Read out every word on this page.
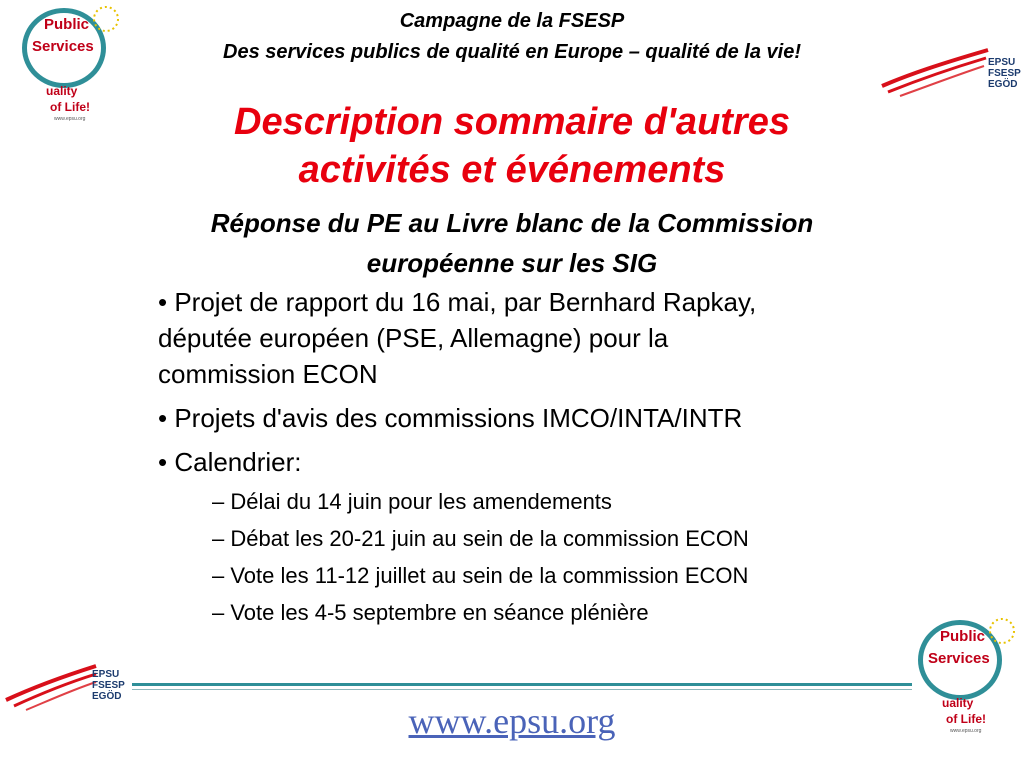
Public
Services
uality
of Life!
www.epsu.org
EPSU
FSESP
EGÖD
Campagne de la FSESP
Des services publics de qualité en Europe – qualité de la vie!
Description sommaire d'autres
activités et événements
Réponse du PE au Livre blanc de la Commission
européenne sur les SIG
• Projet de rapport du 16 mai, par Bernhard Rapkay,
députée européen (PSE, Allemagne) pour la
commission ECON
• Projets d'avis des commissions IMCO/INTA/INTR
• Calendrier:
– Délai du 14 juin pour les amendements
– Débat les 20-21 juin au sein de la commission ECON
– Vote les 11-12 juillet au sein de la commission ECON
– Vote les 4-5 septembre en séance plénière
EPSU
FSESP
EGÖD
Public
Services
uality
of Life!
www.epsu.org
www.epsu.org
